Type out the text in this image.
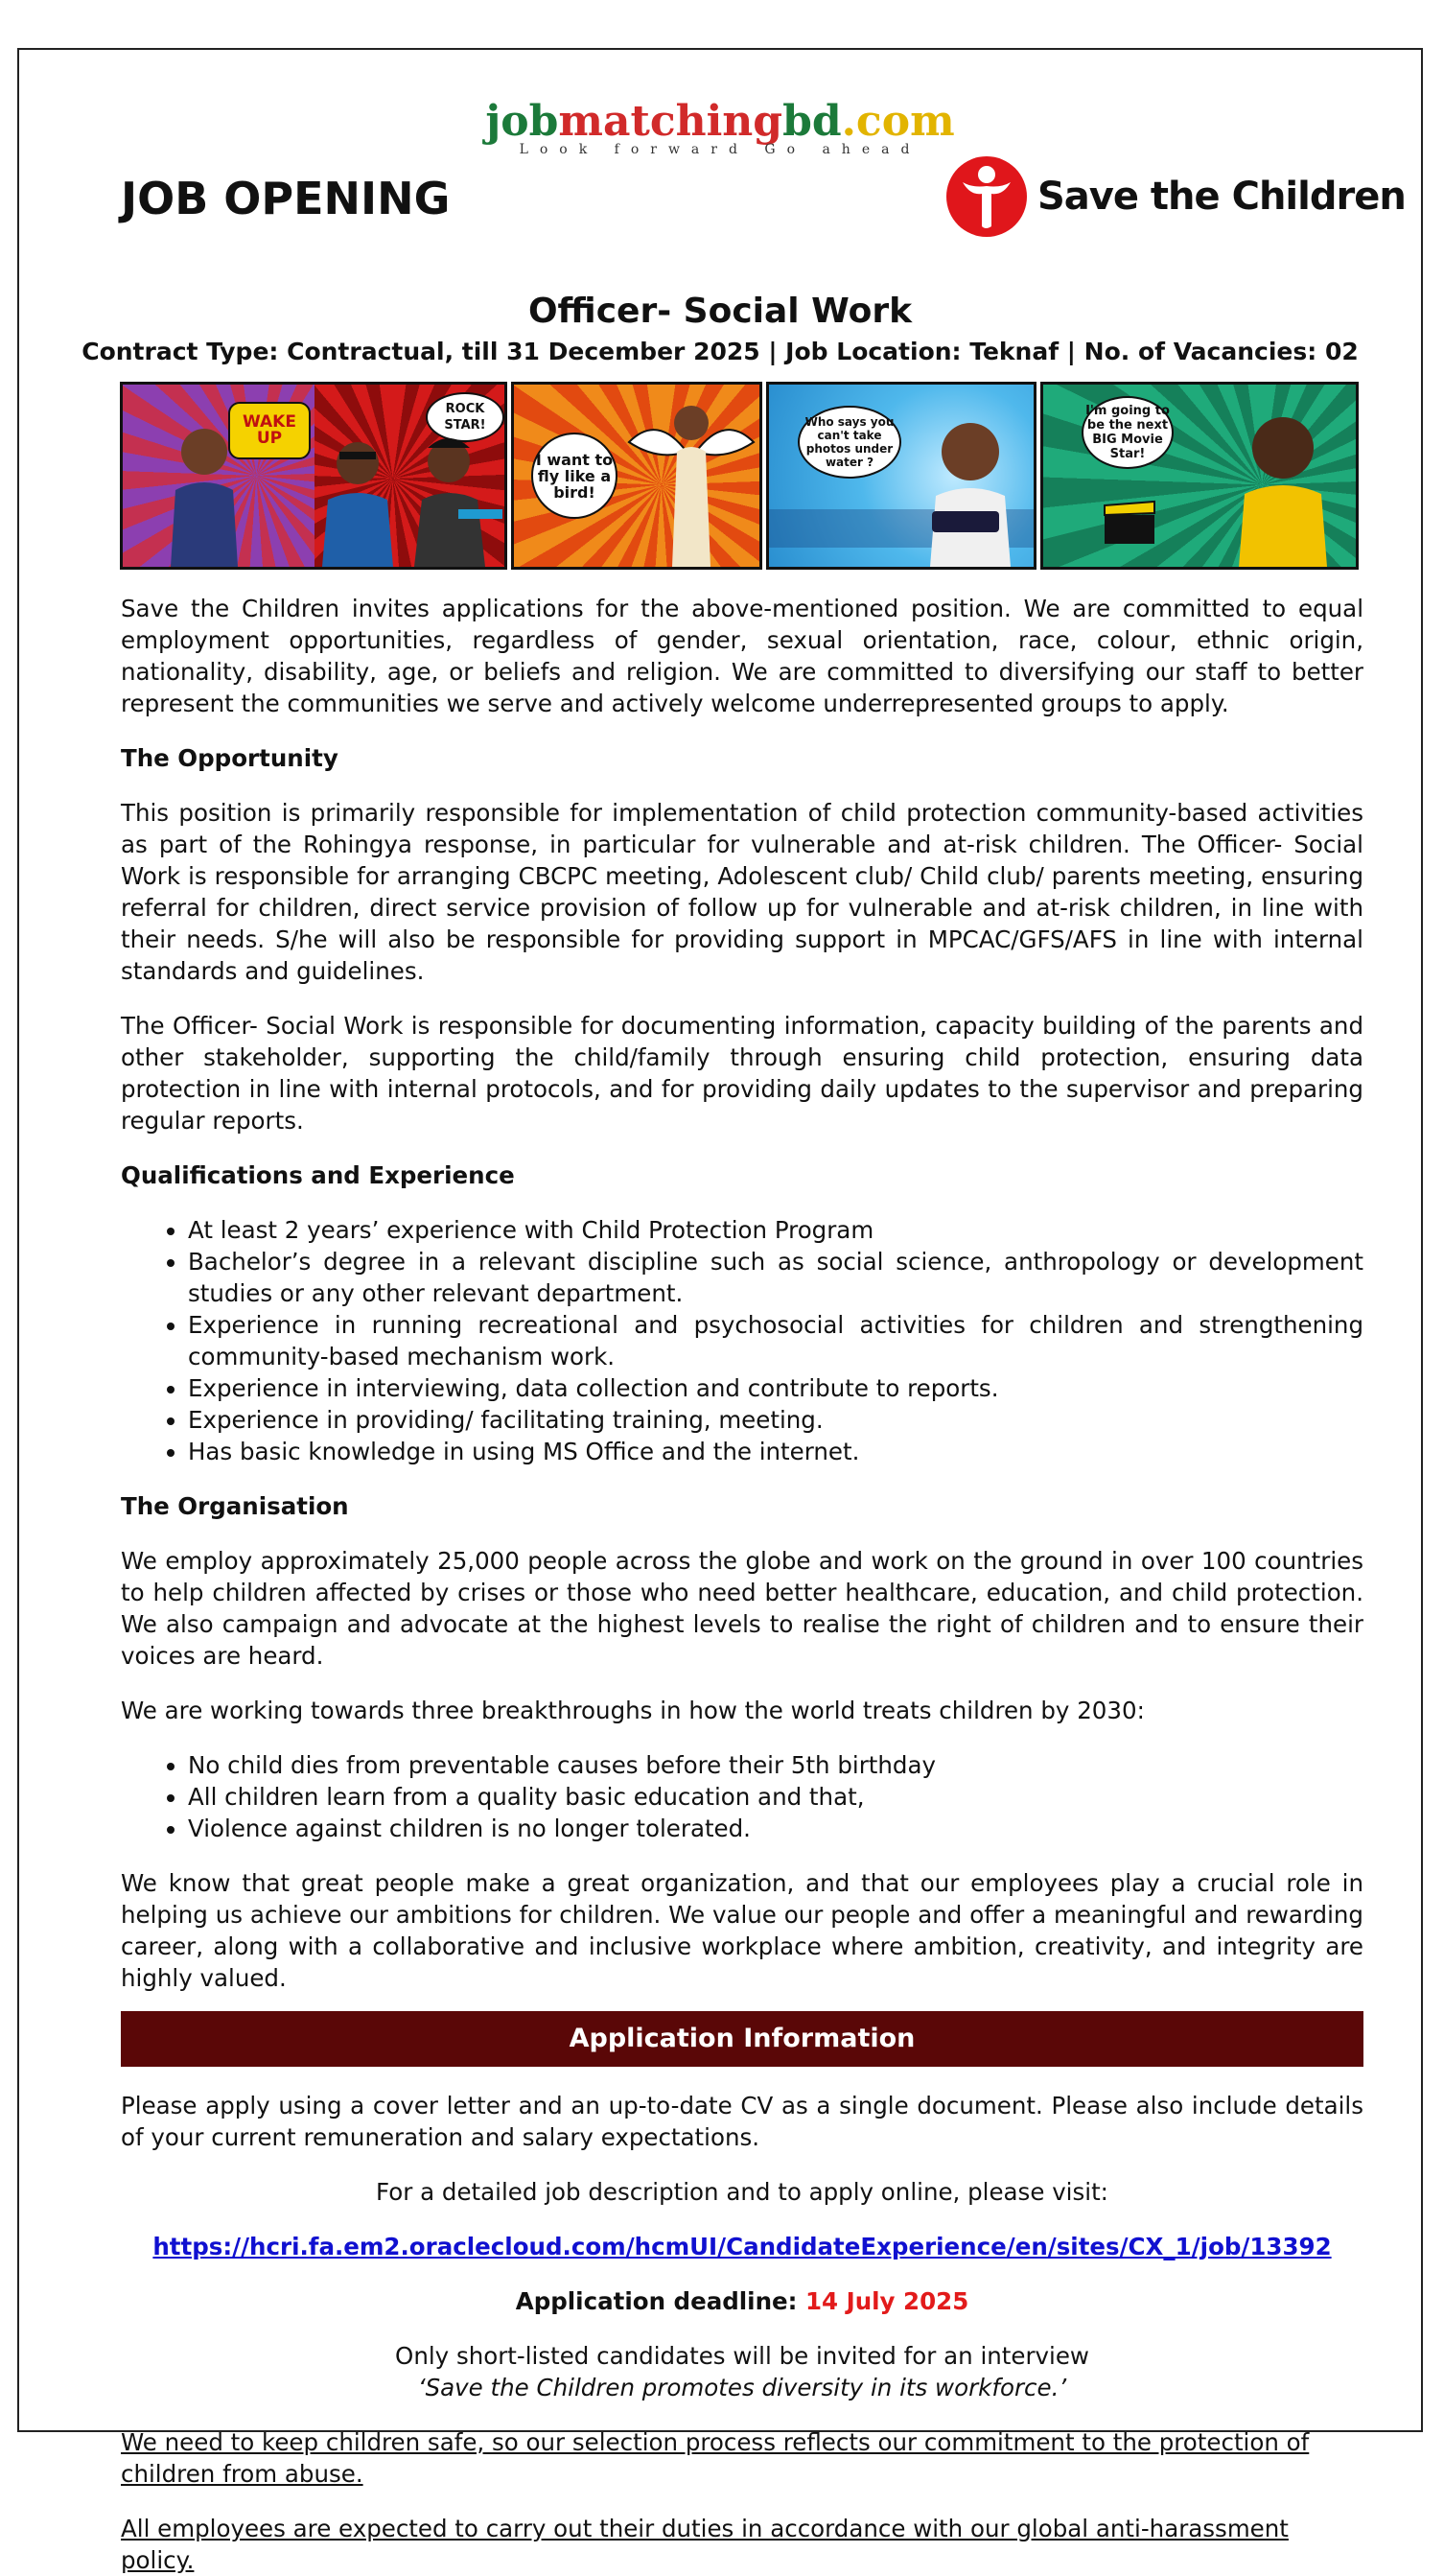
jobmatchingbd.com
Look forward Go ahead
JOB OPENING	Save the Children
Officer- Social Work
Contract Type: Contractual, till 31 December 2025 | Job Location: Teknaf | No. of Vacancies: 02
WAKE UP
ROCK STAR!
I want to fly like a bird!
Who says you can't take photos under water ?
I'm going to be the next BIG Movie Star!

Save the Children invites applications for the above-mentioned position. We are committed to equal employment opportunities, regardless of gender, sexual orientation, race, colour, ethnic origin, nationality, disability, age, or beliefs and religion. We are committed to diversifying our staff to better represent the communities we serve and actively welcome underrepresented groups to apply.

The Opportunity

This position is primarily responsible for implementation of child protection community-based activities as part of the Rohingya response, in particular for vulnerable and at-risk children. The Officer- Social Work is responsible for arranging CBCPC meeting, Adolescent club/ Child club/ parents meeting, ensuring referral for children, direct service provision of follow up for vulnerable and at-risk children, in line with their needs. S/he will also be responsible for providing support in MPCAC/GFS/AFS in line with internal standards and guidelines.

The Officer- Social Work is responsible for documenting information, capacity building of the parents and other stakeholder, supporting the child/family through ensuring child protection, ensuring data protection in line with internal protocols, and for providing daily updates to the supervisor and preparing regular reports.

Qualifications and Experience

• At least 2 years’ experience with Child Protection Program
• Bachelor’s degree in a relevant discipline such as social science, anthropology or development studies or any other relevant department.
• Experience in running recreational and psychosocial activities for children and strengthening community-based mechanism work.
• Experience in interviewing, data collection and contribute to reports.
• Experience in providing/ facilitating training, meeting.
• Has basic knowledge in using MS Office and the internet.

The Organisation

We employ approximately 25,000 people across the globe and work on the ground in over 100 countries to help children affected by crises or those who need better healthcare, education, and child protection. We also campaign and advocate at the highest levels to realise the right of children and to ensure their voices are heard.

We are working towards three breakthroughs in how the world treats children by 2030:

• No child dies from preventable causes before their 5th birthday
• All children learn from a quality basic education and that,
• Violence against children is no longer tolerated.

We know that great people make a great organization, and that our employees play a crucial role in helping us achieve our ambitions for children. We value our people and offer a meaningful and rewarding career, along with a collaborative and inclusive workplace where ambition, creativity, and integrity are highly valued.

Application Information

Please apply using a cover letter and an up-to-date CV as a single document. Please also include details of your current remuneration and salary expectations.

For a detailed job description and to apply online, please visit:

https://hcri.fa.em2.oraclecloud.com/hcmUI/CandidateExperience/en/sites/CX_1/job/13392

Application deadline: 14 July 2025

Only short-listed candidates will be invited for an interview

‘Save the Children promotes diversity in its workforce.’

We need to keep children safe, so our selection process reflects our commitment to the protection of children from abuse.

All employees are expected to carry out their duties in accordance with our global anti-harassment policy.
